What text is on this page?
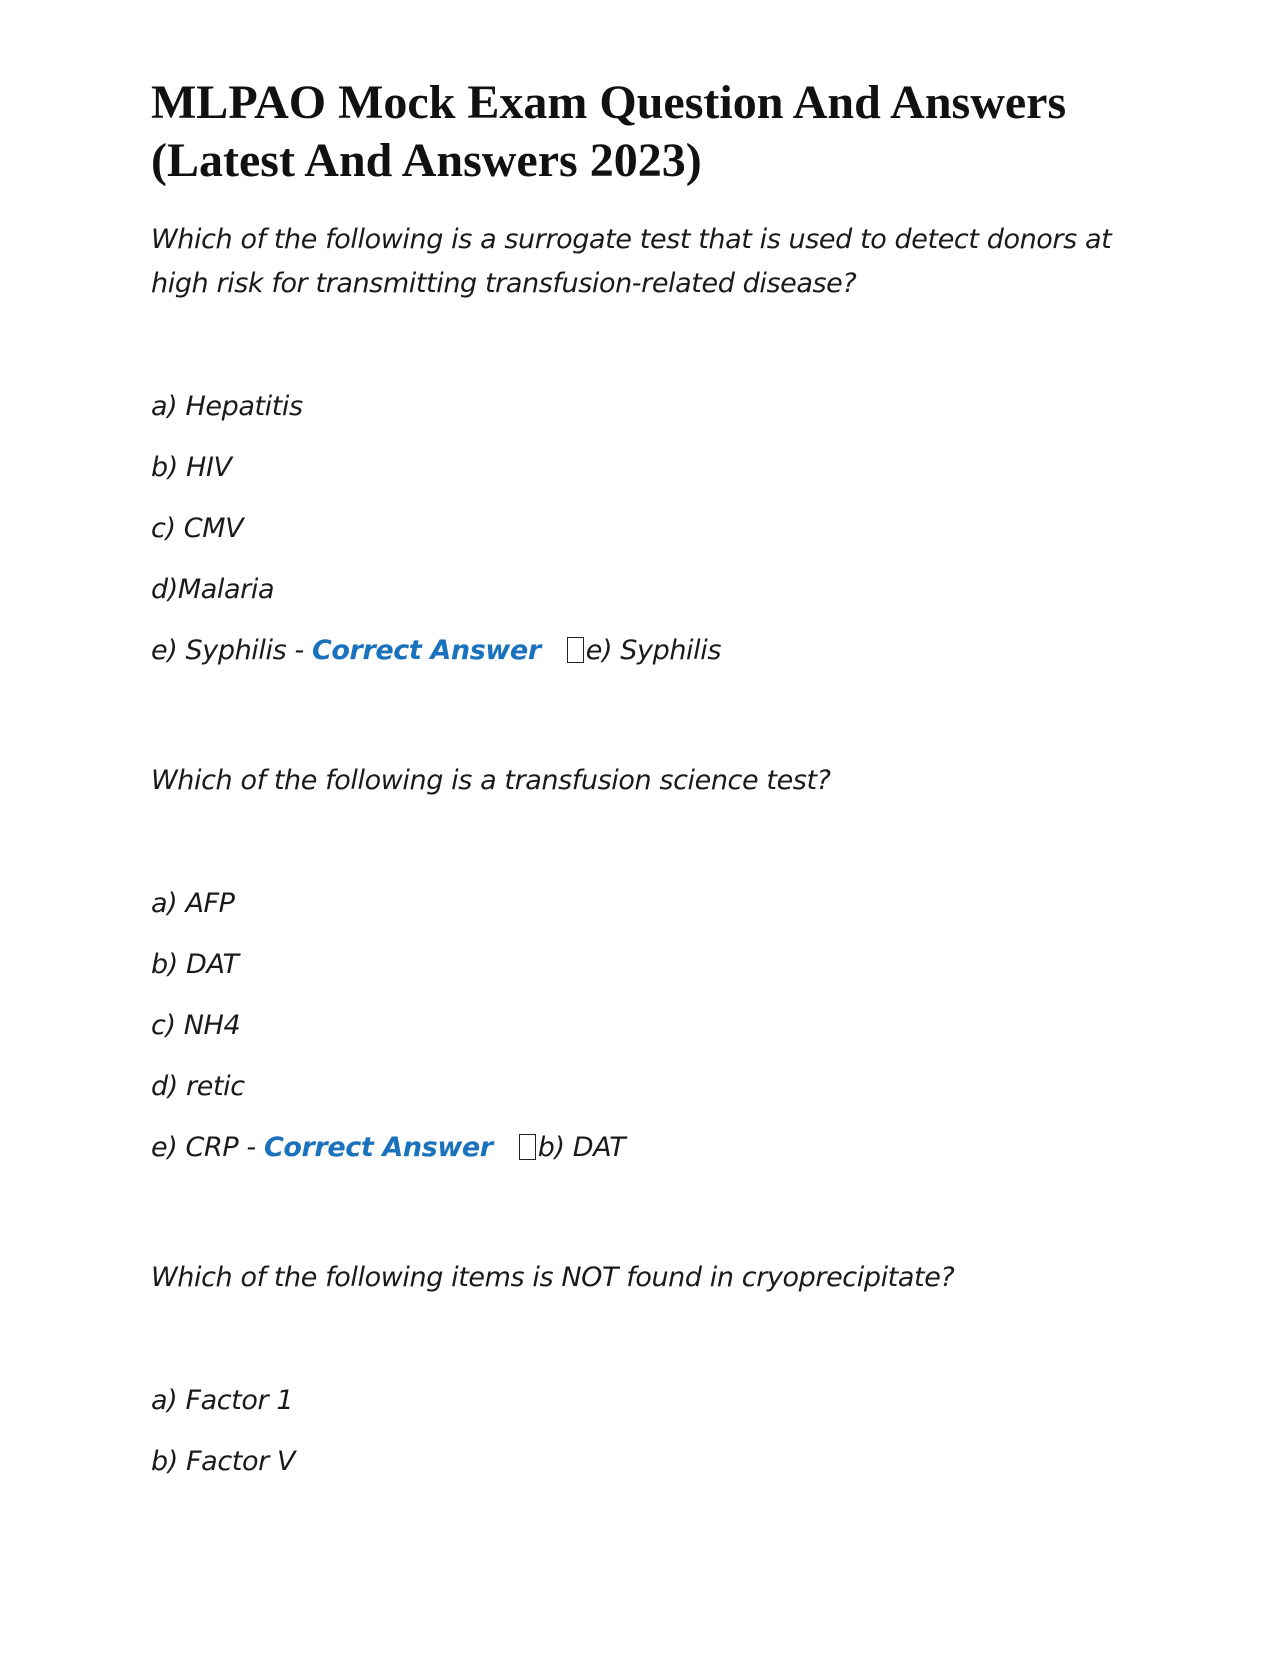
MLPAO Mock Exam Question And Answers (Latest And Answers 2023)

Which of the following is a surrogate test that is used to detect donors at high risk for transmitting transfusion-related disease?

a) Hepatitis

b) HIV

c) CMV

d)Malaria

e) Syphilis - Correct Answer e) Syphilis

Which of the following is a transfusion science test?

a) AFP

b) DAT

c) NH4

d) retic

e) CRP - Correct Answer b) DAT

Which of the following items is NOT found in cryoprecipitate?

a) Factor 1

b) Factor V
